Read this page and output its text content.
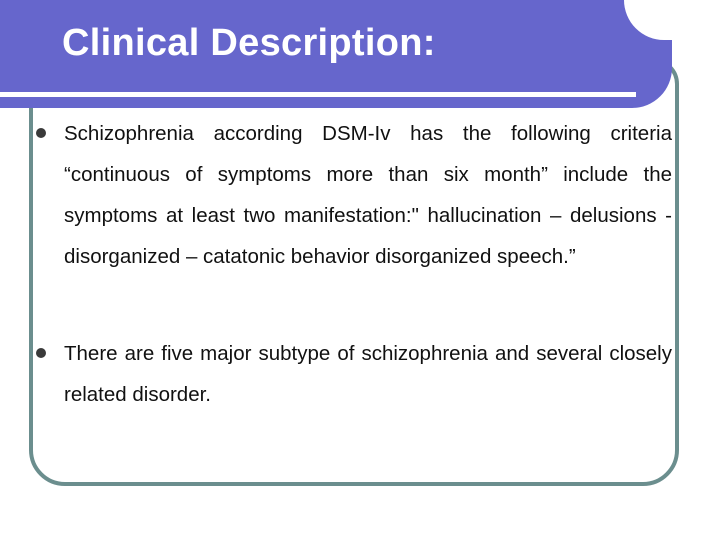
Clinical Description:

Schizophrenia according DSM-Iv has the following criteria “continuous of symptoms more than six month” include the symptoms at least two manifestation:" hallucination – delusions - disorganized – catatonic behavior disorganized speech.”

There are five major subtype of schizophrenia and several closely related disorder.
